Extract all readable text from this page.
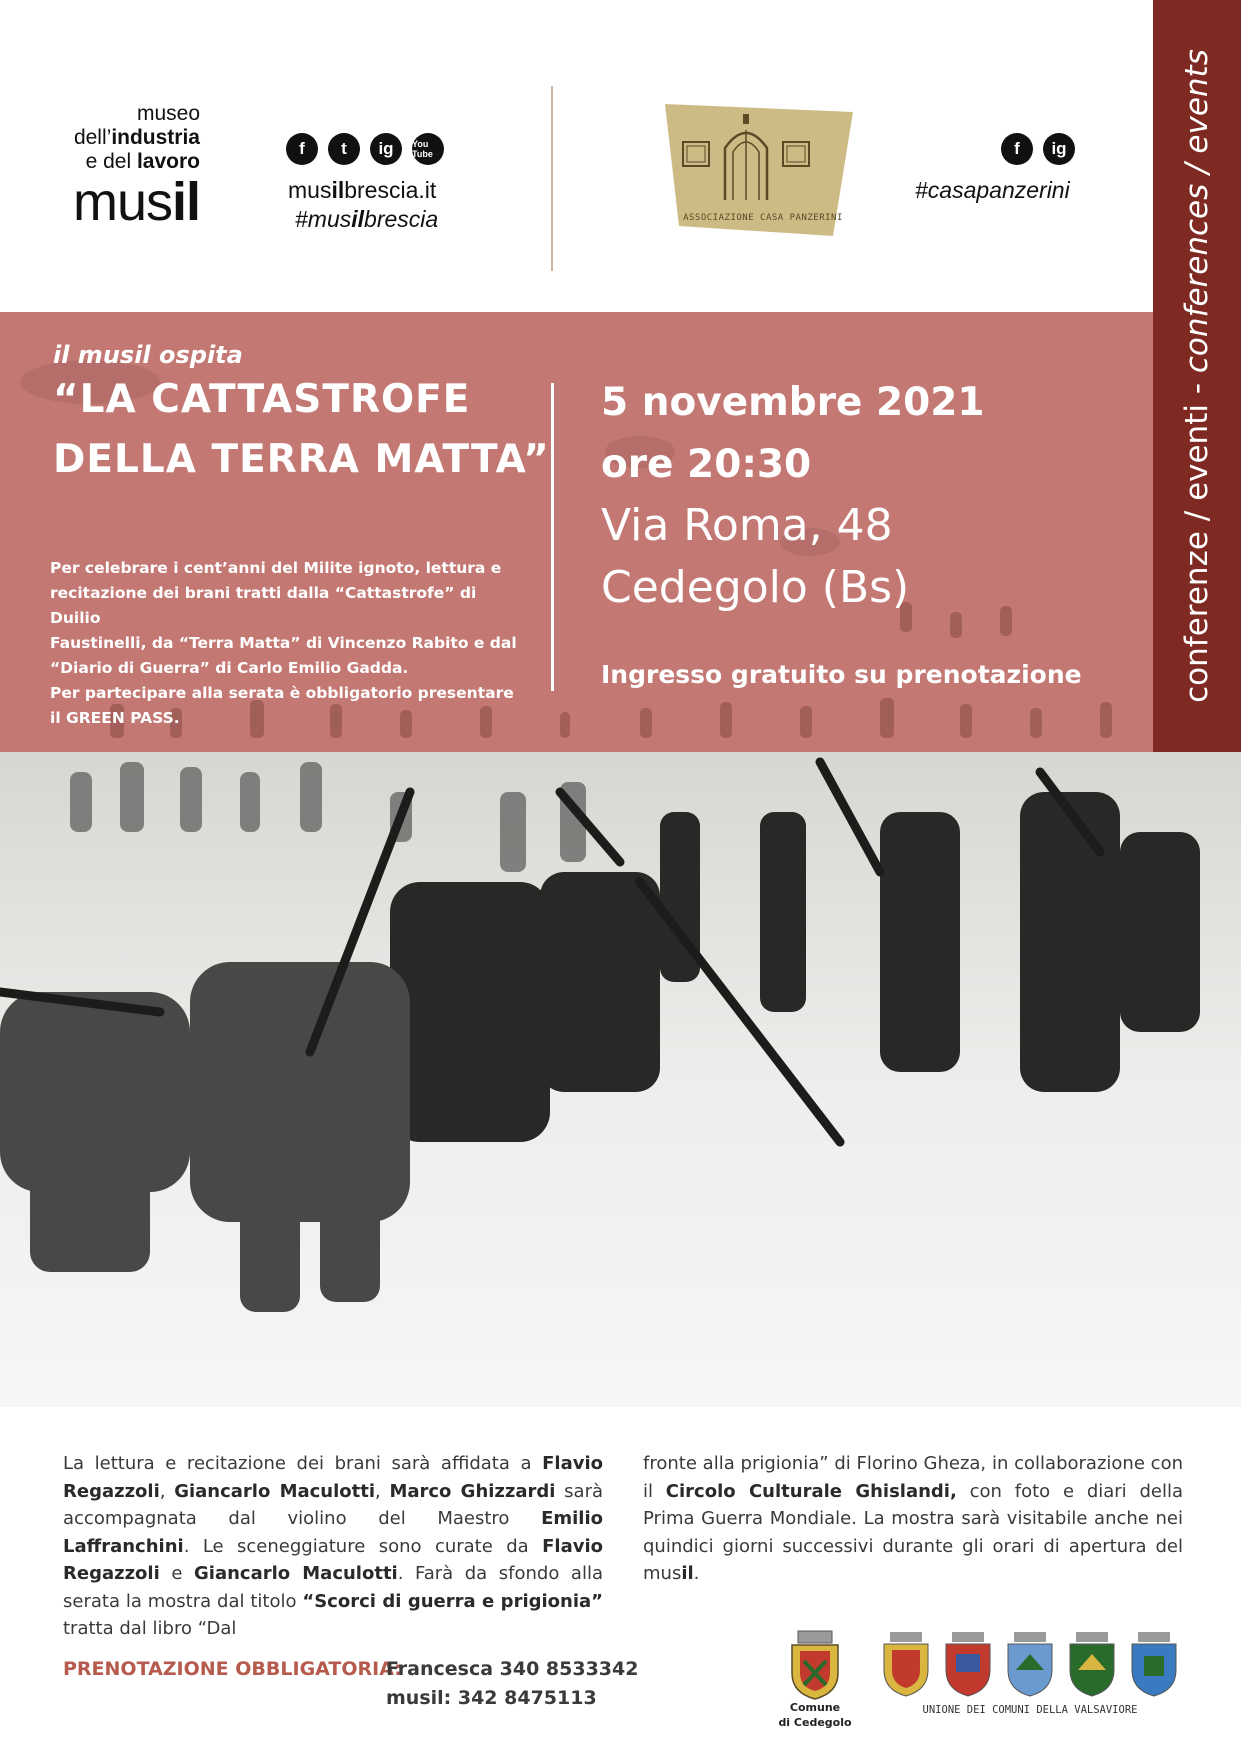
conferenze / eventi - conferences / events
museo
dell’industria
e del lavoro
musil
f	t	ig	You Tube
musilbrescia.it
#musilbrescia	ASSOCIAZIONE CASA PANZERINI
f	ig
#casapanzerini
il musil ospita
“LA CATTASTROFE
DELLA TERRA MATTA”

Per celebrare i cent’anni del Milite ignoto, lettura e

recitazione dei brani tratti dalla “Cattastrofe” di Duilio

Faustinelli, da “Terra Matta” di Vincenzo Rabito e dal

“Diario di Guerra” di Carlo Emilio Gadda.

Per partecipare alla serata è obbligatorio presentare

il GREEN PASS.

5 novembre 2021
ore 20:30
Via Roma, 48
Cedegolo (Bs)
Ingresso gratuito su prenotazione

La lettura e recitazione dei brani sarà affidata a Flavio Regazzoli, Giancarlo Maculotti, Marco Ghizzardi sarà accompagnata dal violino del Maestro Emilio Laffranchini. Le sceneggiature sono curate da Flavio Regazzoli e Giancarlo Maculotti. Farà da sfondo alla serata la mostra dal titolo “Scorci di guerra e prigionia” tratta dal libro “Dal

fronte alla prigionia” di Florino Gheza, in collaborazione con il Circolo Culturale Ghislandi, con foto e diari della Prima Guerra Mondiale. La mostra sarà visitabile anche nei quindici giorni successivi durante gli orari di apertura del musil.

PRENOTAZIONE OBBLIGATORIA:
Francesca 340 8533342
musil: 342 8475113	Comune
di Cedegolo
UNIONE DEI COMUNI DELLA VALSAVIORE
